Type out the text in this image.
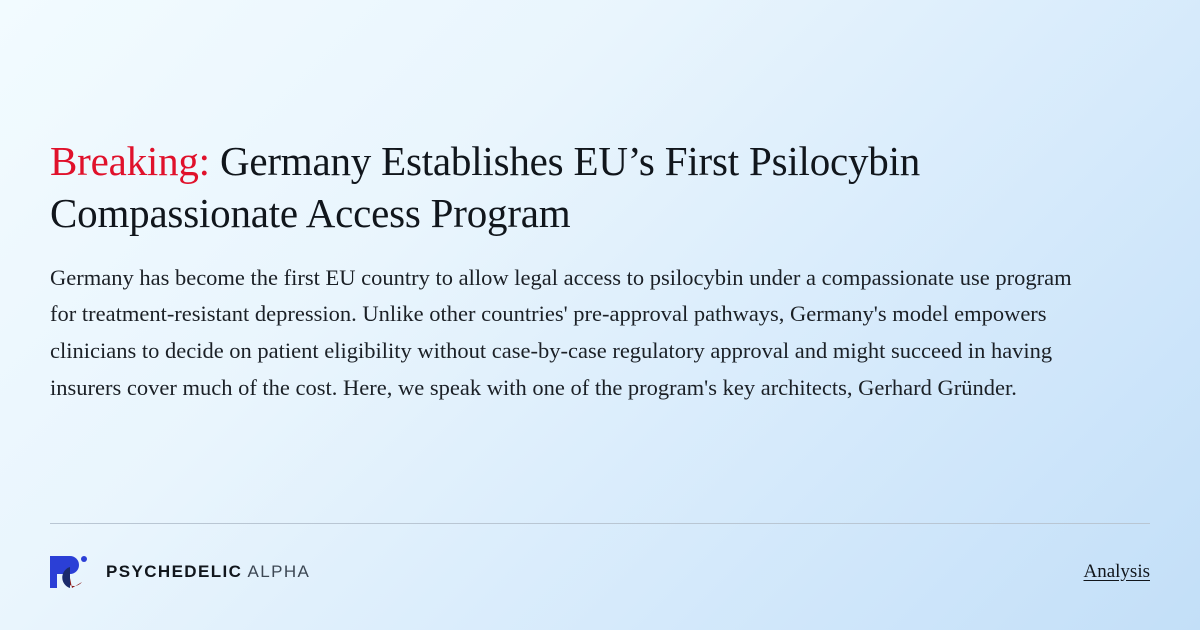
Breaking: Germany Establishes EU’s First Psilocybin Compassionate Access Program

Germany has become the first EU country to allow legal access to psilocybin under a compassionate use program for treatment-resistant depression. Unlike other countries' pre-approval pathways, Germany's model empowers clinicians to decide on patient eligibility without case-by-case regulatory approval and might succeed in having insurers cover much of the cost. Here, we speak with one of the program's key architects, Gerhard Gründer.

PSYCHEDELIC ALPHA	Analysis
